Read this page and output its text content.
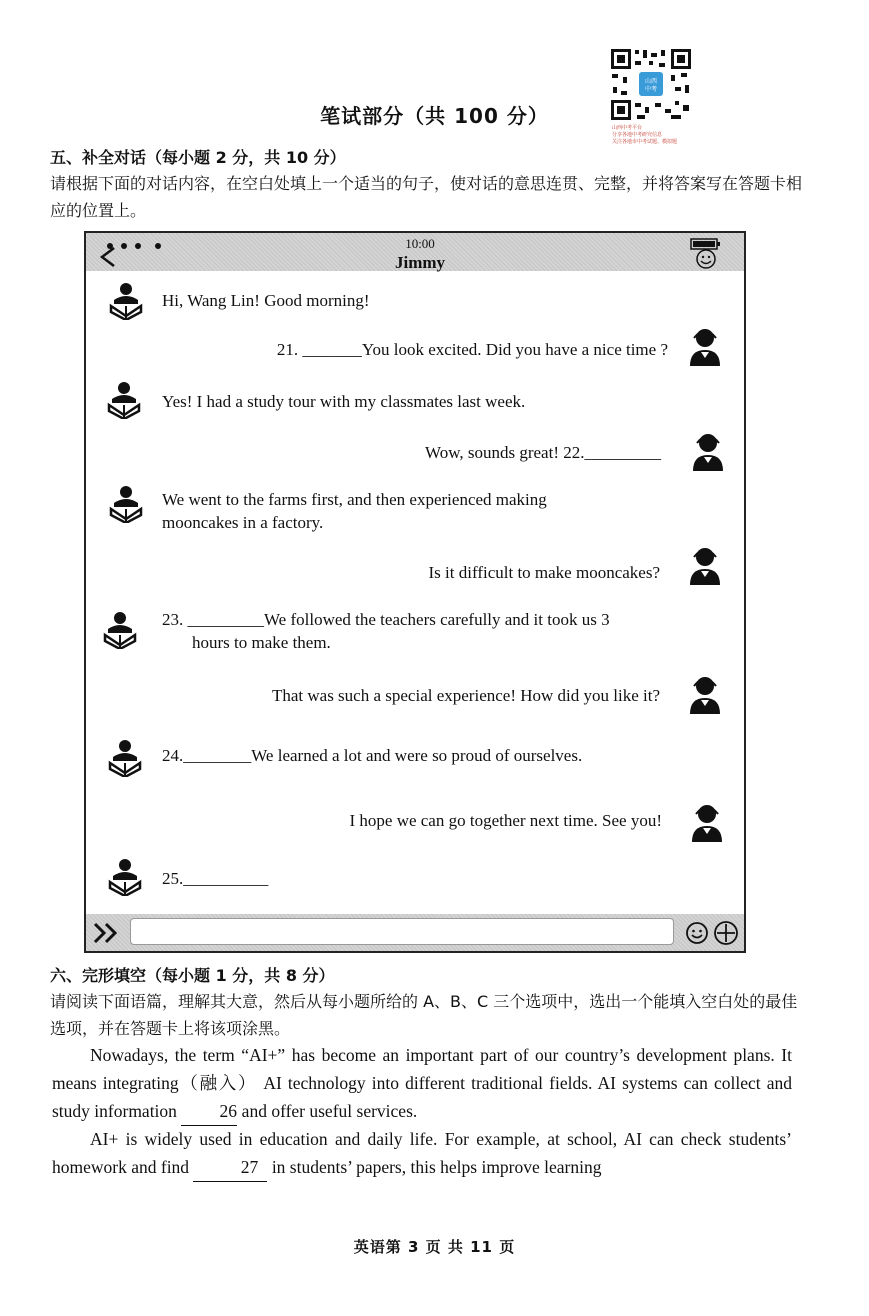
山西
中考
山西中考平台
分享各地中考研究信息
关注各地市中考试题、模拟题
笔试部分（共 100 分）
五、补全对话（每小题 2 分，共 10 分）
请根据下面的对话内容，在空白处填上一个适当的句子，使对话的意思连贯、完整，并将答案写在答题卡相应的位置上。
10:00
Jimmy
Hi, Wang Lin! Good morning!
21. _______You look excited. Did you have a nice time ?
Yes! I had a study tour with my classmates last week.
Wow, sounds great! 22._________
We went to the farms first, and then experienced making
mooncakes in a factory.
Is it difficult to make mooncakes?
23. _________We followed the teachers carefully and it took us 3
hours to make them.
That was such a special experience! How did you like it?
24.________We learned a lot and were so proud of ourselves.
I hope we can go together next time. See you!
25.__________
六、完形填空（每小题 1 分，共 8 分）
请阅读下面语篇，理解其大意，然后从每小题所给的 A、B、C 三个选项中，选出一个能填入空白处的最佳选项，并在答题卡上将该项涂黑。
Nowadays, the term “AI+” has become an important part of our country’s development plans. It means integrating（融入） AI technology into different traditional fields. AI systems can collect and study information 26 and offer useful services.
AI+ is widely used in education and daily life. For example, at school, AI can check students’ homework and find	27 in students’ papers, this helps improve learning
英语第 3 页 共 11 页
